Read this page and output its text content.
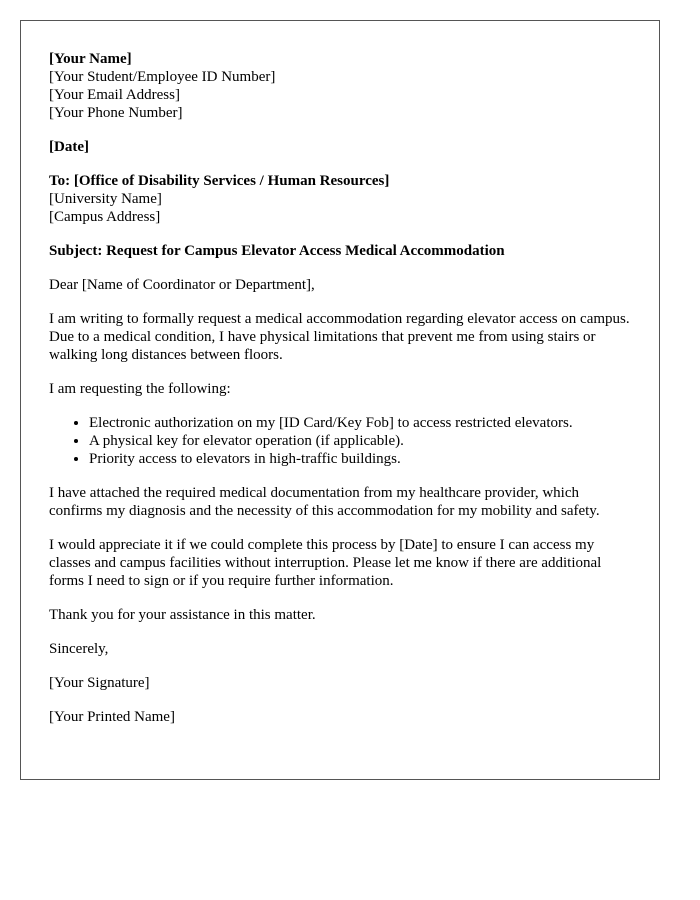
[Your Name]
[Your Student/Employee ID Number]
[Your Email Address]
[Your Phone Number]
[Date]
To: [Office of Disability Services / Human Resources]
[University Name]
[Campus Address]

Subject: Request for Campus Elevator Access Medical Accommodation

Dear [Name of Coordinator or Department],

I am writing to formally request a medical accommodation regarding elevator access on campus. Due to a medical condition, I have physical limitations that prevent me from using stairs or walking long distances between floors.

I am requesting the following:

• Electronic authorization on my [ID Card/Key Fob] to access restricted elevators.
• A physical key for elevator operation (if applicable).
• Priority access to elevators in high-traffic buildings.

I have attached the required medical documentation from my healthcare provider, which confirms my diagnosis and the necessity of this accommodation for my mobility and safety.

I would appreciate it if we could complete this process by [Date] to ensure I can access my classes and campus facilities without interruption. Please let me know if there are additional forms I need to sign or if you require further information.

Thank you for your assistance in this matter.

Sincerely,

[Your Signature]

[Your Printed Name]
